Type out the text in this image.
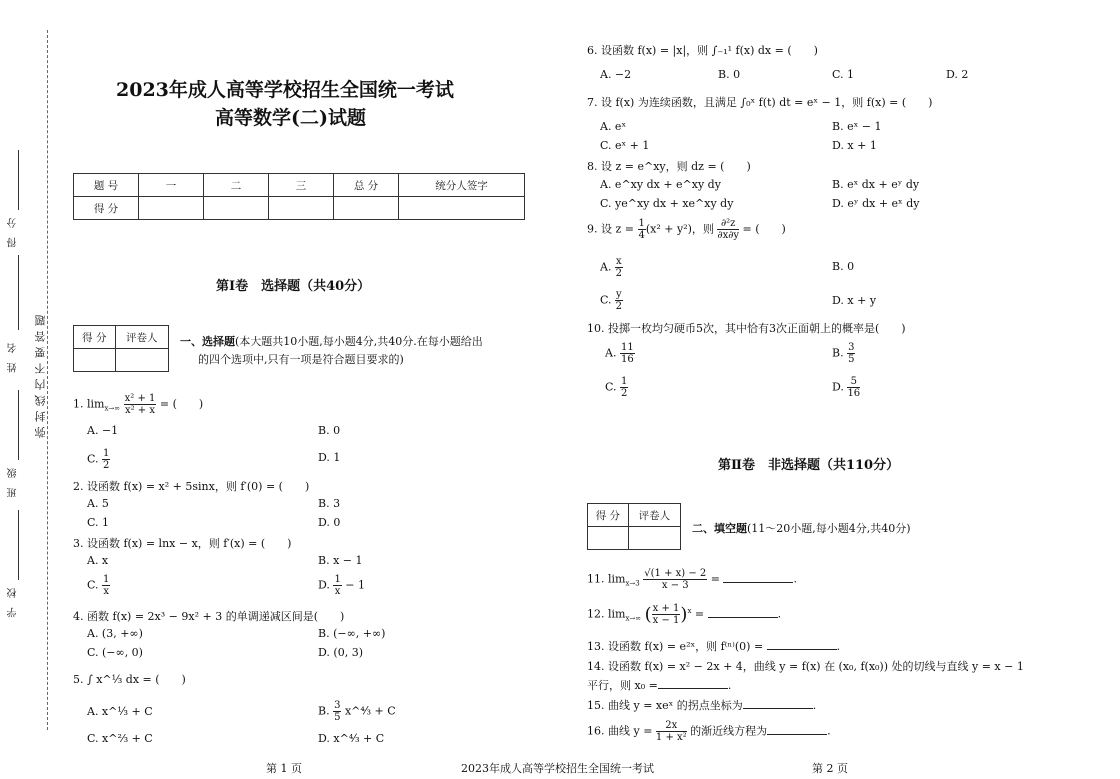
得 分
姓 名
班 级
学 校
弥封线内不要答题
2023年成人高等学校招生全国统一考试
高等数学(二)试题
题 号	一	二	三	总 分	统分人签字
得 分					
第Ⅰ卷　选择题（共40分）
得 分	评卷人
	一、选择题(本大题共10小题,每小题4分,共40分.在每小题给出
的四个选项中,只有一项是符合题目要求的)
1. $\lim_{x\to\infty} \frac{\text{x² + 1}}{\text{x² + x}}$ = (　　)
A. −1	B. 0
C. $\frac{1}{2}$	D. 1
2. 设函数 f(x) = x² + 5sinx，则 f′(0) = (　　)
A. 5	B. 3
C. 1	D. 0
3. 设函数 f(x) = lnx − x，则 f′(x) = (　　)
A. x	B. x − 1
C. $\frac{1}{x}$	D. $\frac{1}{x} - 1$
4. 函数 f(x) = 2x³ − 9x² + 3 的单调递减区间是(　　)
A. (3, +∞)	B. (−∞, +∞)
C. (−∞, 0)	D. (0, 3)
5. ∫ x^⅓ dx = (　　)
A. x^⅓ + C	B. $\frac{3}{5}$ x^⁴⁄₃ + C
C. x^⅔ + C	D. x^⁴⁄₃ + C
6. 设函数 f(x) = |x|，则 ∫₋₁¹ f(x) dx = (　　)
A. −2	B. 0	C. 1	D. 2
7. 设 f(x) 为连续函数，且满足 ∫₀ˣ f(t) dt = eˣ − 1，则 f(x) = (　　)
A. eˣ	B. eˣ − 1
C. eˣ + 1	D. x + 1
8. 设 z = e^xy，则 dz = (　　)
A. e^xy dx + e^xy dy	B. eˣ dx + eʸ dy
C. ye^xy dx + xe^xy dy	D. eʸ dx + eˣ dy
9. 设 $z = \frac{1}{4} (x^2 + y^2)$，则 $\frac{\text{∂²z}}{\partial x\partial y}$ = (　　)
A. $\frac{x}{2}$	B. 0
C. $\frac{y}{2}$	D. x + y
10. 投掷一枚均匀硬币5次，其中恰有3次正面朝上的概率是(　　)
A. $\frac{11}{16}$	B. $\frac{3}{5}$
C. $\frac{1}{2}$	D. $\frac{5}{16}$
第Ⅱ卷　非选择题（共110分）
得 分	评卷人

二、填空题(11～20小题,每小题4分,共40分)
11. $\lim_{x\to 3} \frac{√(1 + x) - 2}{x - 3}$ =	.
12. $\lim_{x\to\infty}$ ( $\frac{x + 1}{x - 1} )^x$ =	.
13. 设函数 f(x) = e²ˣ，则 f⁽ⁿ⁾(0) =	.
14. 设函数 f(x) = x² − 2x + 4，曲线 y = f(x) 在 (x₀, f(x₀)) 处的切线与直线 y = x − 1
平行，则 x₀ =	.
15. 曲线 y = xeˣ 的拐点坐标为	.
16. 曲线 $y = \frac{2x}{\text{1 + x²}}$ 的渐近线方程为	.
第 1 页	2023年成人高等学校招生全国统一考试	第 2 页
